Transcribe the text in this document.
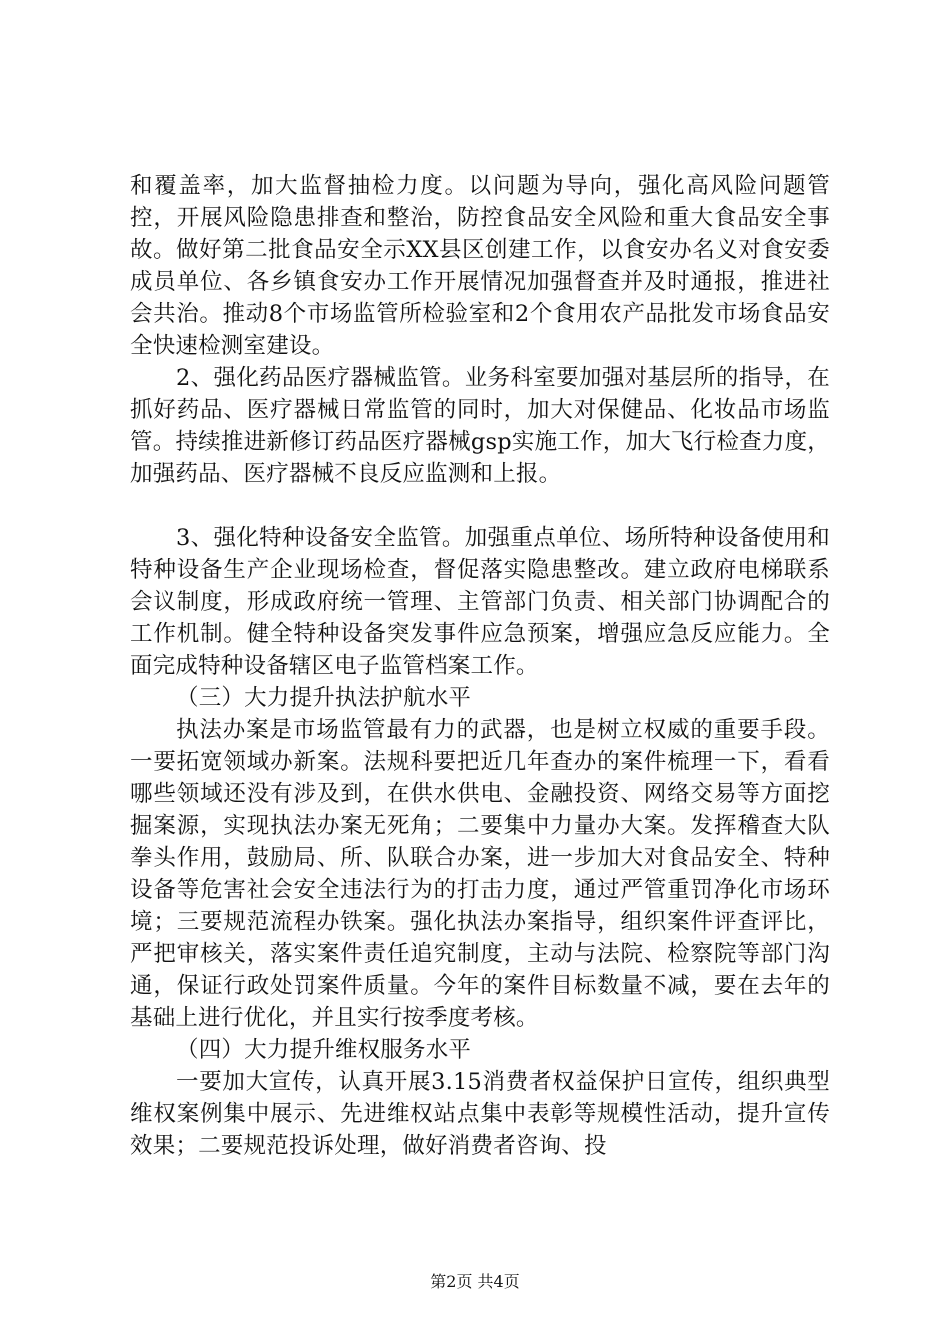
和覆盖率，加大监督抽检力度。以问题为导向，强化高风险问题管控，开展风险隐患排查和整治，防控食品安全风险和重大食品安全事故。做好第二批食品安全示XX县区创建工作，以食安办名义对食安委成员单位、各乡镇食安办工作开展情况加强督查并及时通报，推进社会共治。推动8个市场监管所检验室和2个食用农产品批发市场食品安全快速检测室建设。

2、强化药品医疗器械监管。业务科室要加强对基层所的指导，在抓好药品、医疗器械日常监管的同时，加大对保健品、化妆品市场监管。持续推进新修订药品医疗器械gsp实施工作，加大飞行检查力度，加强药品、医疗器械不良反应监测和上报。

3、强化特种设备安全监管。加强重点单位、场所特种设备使用和特种设备生产企业现场检查，督促落实隐患整改。建立政府电梯联系会议制度，形成政府统一管理、主管部门负责、相关部门协调配合的工作机制。健全特种设备突发事件应急预案，增强应急反应能力。全面完成特种设备辖区电子监管档案工作。

（三）大力提升执法护航水平

执法办案是市场监管最有力的武器，也是树立权威的重要手段。一要拓宽领域办新案。法规科要把近几年查办的案件梳理一下，看看哪些领域还没有涉及到，在供水供电、金融投资、网络交易等方面挖掘案源，实现执法办案无死角；二要集中力量办大案。发挥稽查大队拳头作用，鼓励局、所、队联合办案，进一步加大对食品安全、特种设备等危害社会安全违法行为的打击力度，通过严管重罚净化市场环境；三要规范流程办铁案。强化执法办案指导，组织案件评查评比，严把审核关，落实案件责任追究制度，主动与法院、检察院等部门沟通，保证行政处罚案件质量。今年的案件目标数量不减，要在去年的基础上进行优化，并且实行按季度考核。

（四）大力提升维权服务水平

一要加大宣传，认真开展3.15消费者权益保护日宣传，组织典型维权案例集中展示、先进维权站点集中表彰等规模性活动，提升宣传效果；二要规范投诉处理，做好消费者咨询、投

第2页 共4页
